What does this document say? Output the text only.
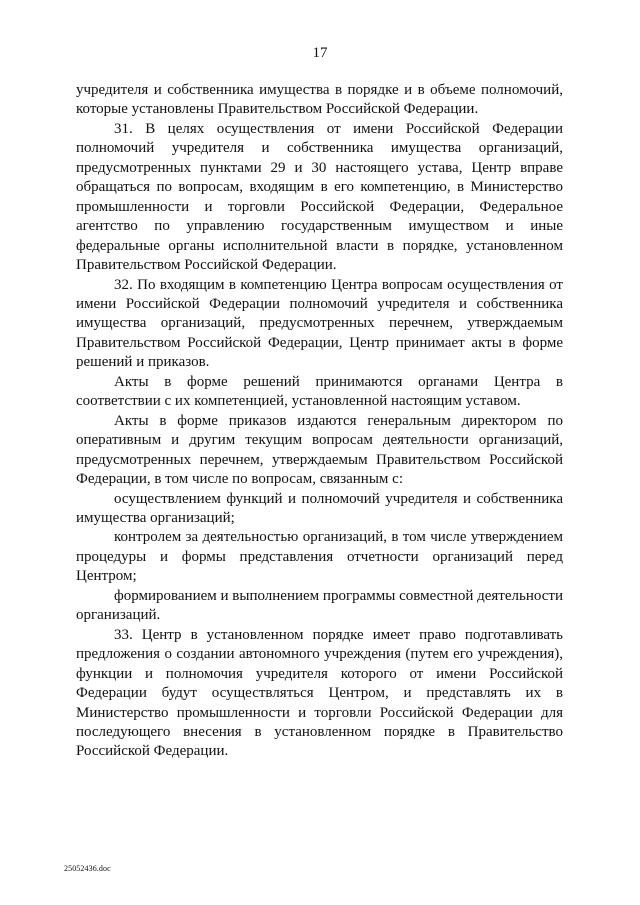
17

учредителя и собственника имущества в порядке и в объеме полномочий, которые установлены Правительством Российской Федерации.

31. В целях осуществления от имени Российской Федерации полномочий учредителя и собственника имущества организаций, предусмотренных пунктами 29 и 30 настоящего устава, Центр вправе обращаться по вопросам, входящим в его компетенцию, в Министерство промышленности и торговли Российской Федерации, Федеральное агентство по управлению государственным имуществом и иные федеральные органы исполнительной власти в порядке, установленном Правительством Российской Федерации.

32. По входящим в компетенцию Центра вопросам осуществления от имени Российской Федерации полномочий учредителя и собственника имущества организаций, предусмотренных перечнем, утверждаемым Правительством Российской Федерации, Центр принимает акты в форме решений и приказов.

Акты в форме решений принимаются органами Центра в соответствии с их компетенцией, установленной настоящим уставом.

Акты в форме приказов издаются генеральным директором по оперативным и другим текущим вопросам деятельности организаций, предусмотренных перечнем, утверждаемым Правительством Российской Федерации, в том числе по вопросам, связанным с:

осуществлением функций и полномочий учредителя и собственника имущества организаций;

контролем за деятельностью организаций, в том числе утверждением процедуры и формы представления отчетности организаций перед Центром;

формированием и выполнением программы совместной деятельности организаций.

33. Центр в установленном порядке имеет право подготавливать предложения о создании автономного учреждения (путем его учреждения), функции и полномочия учредителя которого от имени Российской Федерации будут осуществляться Центром, и представлять их в Министерство промышленности и торговли Российской Федерации для последующего внесения в установленном порядке в Правительство Российской Федерации.

25052436.doc
